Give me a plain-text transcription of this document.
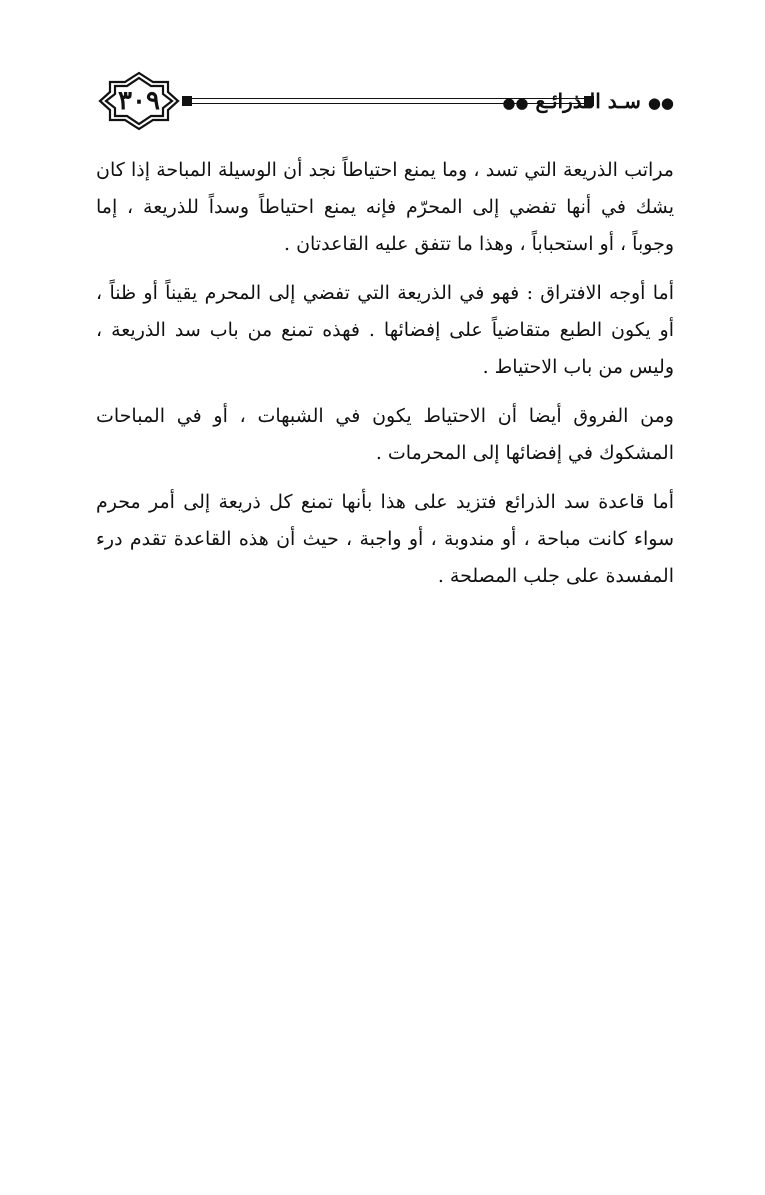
٣٠٩	●● سـد الـذرائـع ●●

مراتب الذريعة التي تسد ، وما يمنع احتياطاً نجد أن الوسيلة المباحة إذا كان يشك في أنها تفضي إلى المحرّم فإنه يمنع احتياطاً وسداً للذريعة ، إما وجوباً ، أو استحباباً ، وهذا ما تتفق عليه القاعدتان .

أما أوجه الافتراق : فهو في الذريعة التي تفضي إلى المحرم يقيناً أو ظناً ، أو يكون الطبع متقاضياً على إفضائها . فهذه تمنع من باب سد الذريعة ، وليس من باب الاحتياط .

ومن الفروق أيضا أن الاحتياط يكون في الشبهات ، أو في المباحات المشكوك في إفضائها إلى المحرمات .

أما قاعدة سد الذرائع فتزيد على هذا بأنها تمنع كل ذريعة إلى أمر محرم سواء كانت مباحة ، أو مندوبة ، أو واجبة ، حيث أن هذه القاعدة تقدم درء المفسدة على جلب المصلحة .
